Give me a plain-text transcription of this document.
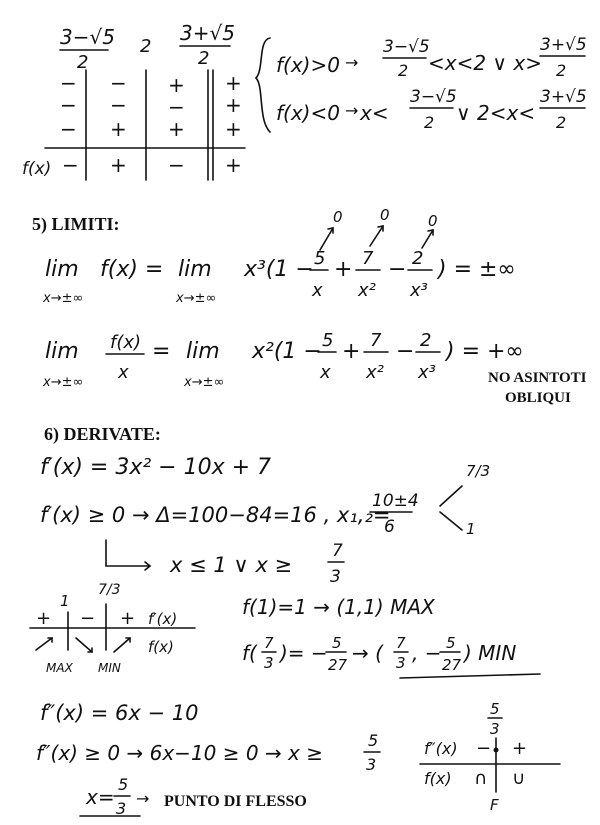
3−√5
2
2
3+√5
2
− − + +
− − − +
− + + +
f(x) − + − +
f(x)>0 →
3−√5
2 <x<2 ∨ x>
3+√5
2
f(x)<0 → x<
3−√5
2 ∨ 2<x<
3+√5
2
5) LIMITI:	0 0	0
lim
x→±∞
f(x) = lim
x→±∞
x³(1 − 5
x
+ 7
x²
− 2
x³
) = ±∞
lim
x→±∞
f(x)
x
= lim
x→±∞
x²(1 − 5
x
+ 7
x²
− 2
x³
) = +∞
NO ASINTOTI
OBLIQUI
6) DERIVATE:
f′(x) = 3x² − 10x + 7
f′(x) ≥ 0 → Δ=100−84=16 , x₁,₂=
10±4
6
7/3
1
x ≤ 1 ∨ x ≥
7
3
1
7/3
+ − + f′(x)
f(x)
MAX MIN
f(1)=1 → (1,1) MAX
f( 7
3 )= − 5
27 → ( 7
3 , − 5
27 ) MIN
f″(x) = 6x − 10
f″(x) ≥ 0 → 6x−10 ≥ 0 → x ≥
5
3
5
3
f″(x) − +
f(x) ∩ ∪
F
x=
5
3
→ PUNTO DI FLESSO
